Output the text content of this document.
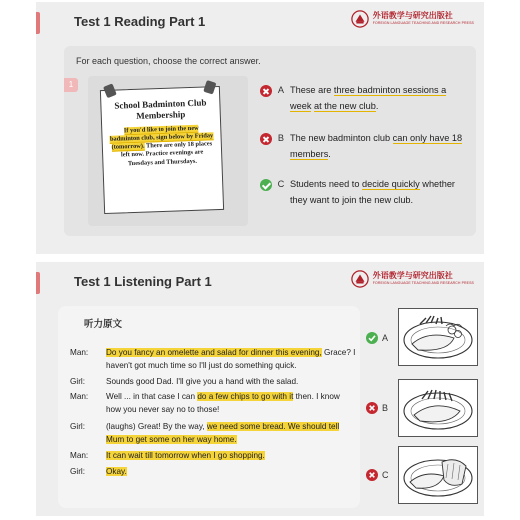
Test 1 Reading Part 1	外语教学与研究出版社
FOREIGN LANGUAGE TEACHING AND RESEARCH PRESS
For each question, choose the correct answer.
1
School Badminton Club Membership
If you'd like to join the new badminton club, sign below by Friday (tomorrow). There are only 18 places left now. Practice evenings are Tuesdays and Thursdays.
A These are three badminton sessions a week at the new club.
B The new badminton club can only have 18 members.
C Students need to decide quickly whether they want to join the new club.
Test 1 Listening Part 1	外语教学与研究出版社
FOREIGN LANGUAGE TEACHING AND RESEARCH PRESS
听力原文
Man:	Do you fancy an omelette and salad for dinner this evening, Grace? I haven't got much time so I'll just do something quick.
Girl:	Sounds good Dad. I'll give you a hand with the salad.
Man:	Well ... in that case I can do a few chips to go with it then. I know how you never say no to those!
Girl:	(laughs) Great! By the way, we need some bread. We should tell Mum to get some on her way home.
Man:	It can wait till tomorrow when I go shopping.
Girl:	Okay.
A
B
C
